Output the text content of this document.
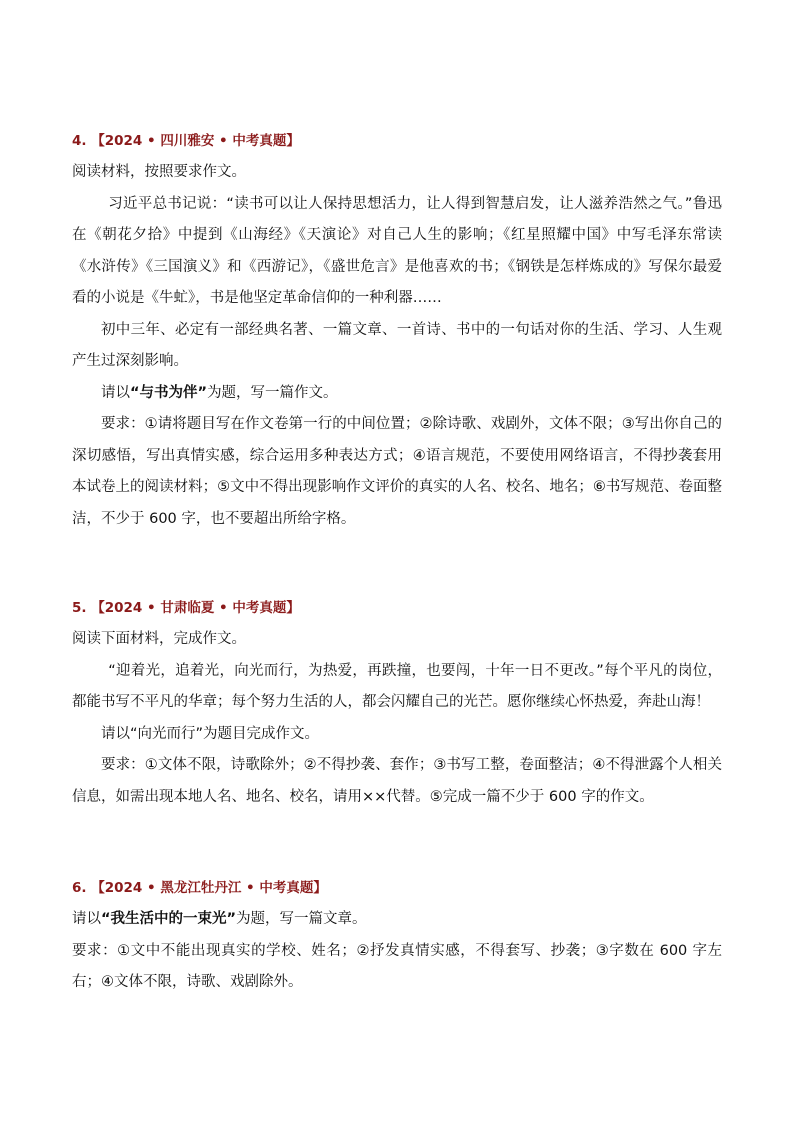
4. 【2024 • 四川雅安 • 中考真题】

阅读材料，按照要求作文。

习近平总书记说：“读书可以让人保持思想活力，让人得到智慧启发，让人滋养浩然之气。”鲁迅在《朝花夕拾》中提到《山海经》《天演论》对自己人生的影响；《红星照耀中国》中写毛泽东常读《水浒传》《三国演义》和《西游记》，《盛世危言》是他喜欢的书；《钢铁是怎样炼成的》写保尔最爱看的小说是《牛虻》，书是他坚定革命信仰的一种利器……

初中三年、必定有一部经典名著、一篇文章、一首诗、书中的一句话对你的生活、学习、人生观产生过深刻影响。

请以“与书为伴”为题，写一篇作文。

要求：①请将题目写在作文卷第一行的中间位置；②除诗歌、戏剧外，文体不限；③写出你自己的深切感悟，写出真情实感，综合运用多种表达方式；④语言规范，不要使用网络语言，不得抄袭套用本试卷上的阅读材料；⑤文中不得出现影响作文评价的真实的人名、校名、地名；⑥书写规范、卷面整洁，不少于 600 字，也不要超出所给字格。

5. 【2024 • 甘肃临夏 • 中考真题】

阅读下面材料，完成作文。

“迎着光，追着光，向光而行，为热爱，再跌撞，也要闯，十年一日不更改。”每个平凡的岗位，都能书写不平凡的华章；每个努力生活的人，都会闪耀自己的光芒。愿你继续心怀热爱，奔赴山海！

请以“向光而行”为题目完成作文。

要求：①文体不限，诗歌除外；②不得抄袭、套作；③书写工整，卷面整洁；④不得泄露个人相关信息，如需出现本地人名、地名、校名，请用××代替。⑤完成一篇不少于 600 字的作文。

6. 【2024 • 黑龙江牡丹江 • 中考真题】

请以“我生活中的一束光”为题，写一篇文章。

要求：①文中不能出现真实的学校、姓名；②抒发真情实感，不得套写、抄袭；③字数在 600 字左右；④文体不限，诗歌、戏剧除外。
